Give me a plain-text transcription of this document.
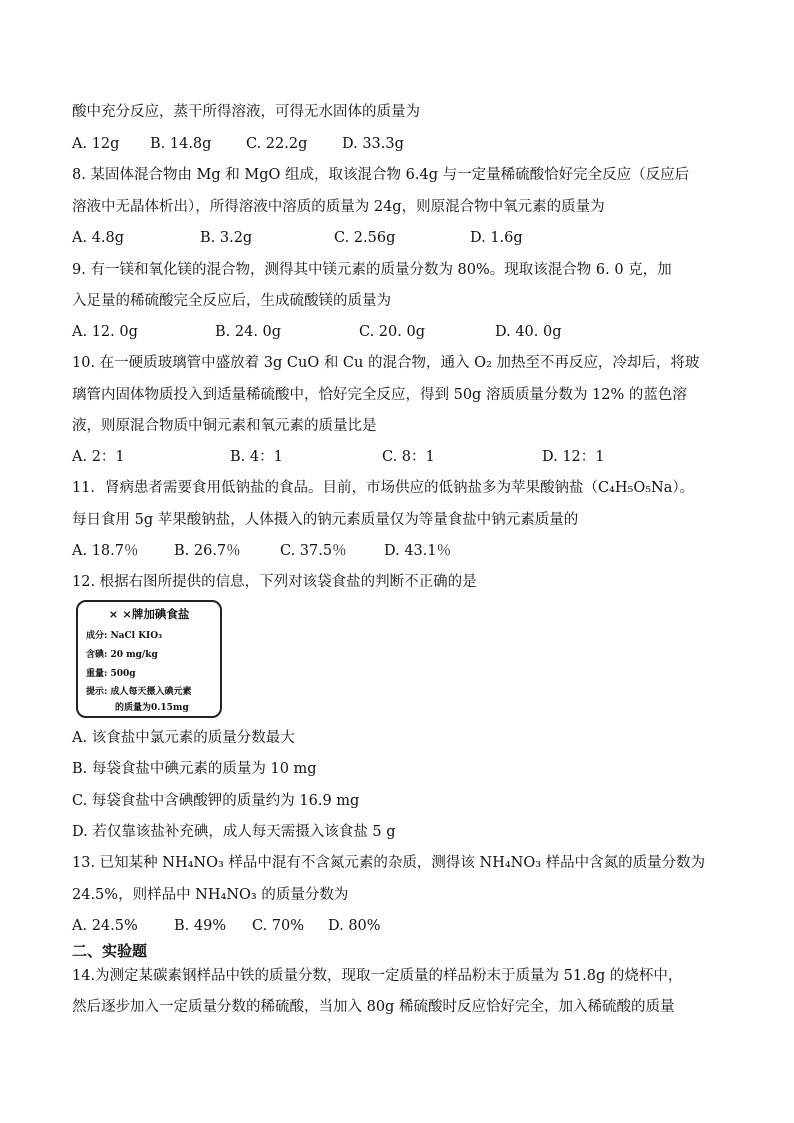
酸中充分反应，蒸干所得溶液，可得无水固体的质量为
A. 12g B. 14.8g C. 22.2g D. 33.3g
8. 某固体混合物由 Mg 和 MgO 组成，取该混合物 6.4g 与一定量稀硫酸恰好完全反应（反应后
溶液中无晶体析出），所得溶液中溶质的质量为 24g，则原混合物中氧元素的质量为
A. 4.8g	B. 3.2g	C. 2.56g	D. 1.6g
9. 有一镁和氧化镁的混合物，测得其中镁元素的质量分数为 80%。现取该混合物 6. 0 克，加
入足量的稀硫酸完全反应后，生成硫酸镁的质量为
A. 12. 0g	B. 24. 0g	C. 20. 0g	D. 40. 0g
10. 在一硬质玻璃管中盛放着 3g CuO 和 Cu 的混合物，通入 O₂ 加热至不再反应，冷却后，将玻
璃管内固体物质投入到适量稀硫酸中，恰好完全反应，得到 50g 溶质质量分数为 12% 的蓝色溶
液，则原混合物质中铜元素和氧元素的质量比是
A. 2：1	B. 4：1	C. 8：1	D. 12：1
11．肾病患者需要食用低钠盐的食品。目前，市场供应的低钠盐多为苹果酸钠盐（C₄H₅O₅Na）。
每日食用 5g 苹果酸钠盐，人体摄入的钠元素质量仅为等量食盐中钠元素质量的
A. 18.7％ B. 26.7％	C. 37.5％	D. 43.1％
12. 根据右图所提供的信息，下列对该袋食盐的判断不正确的是
× ×牌加碘食盐
成分: NaCl KIO₃
含碘: 20 mg/kg
重量: 500g
提示: 成人每天摄入碘元素
的质量为0.15mg
A. 该食盐中氯元素的质量分数最大
B. 每袋食盐中碘元素的质量为 10 mg
C. 每袋食盐中含碘酸钾的质量约为 16.9 mg
D. 若仅靠该盐补充碘，成人每天需摄入该食盐 5 g
13. 已知某种 NH₄NO₃ 样品中混有不含氮元素的杂质，测得该 NH₄NO₃ 样品中含氮的质量分数为
24.5%，则样品中 NH₄NO₃ 的质量分数为
A. 24.5% B. 49% C. 70% D. 80%
二、实验题
14.为测定某碳素钢样品中铁的质量分数，现取一定质量的样品粉末于质量为 51.8g 的烧杯中，
然后逐步加入一定质量分数的稀硫酸，当加入 80g 稀硫酸时反应恰好完全，加入稀硫酸的质量
